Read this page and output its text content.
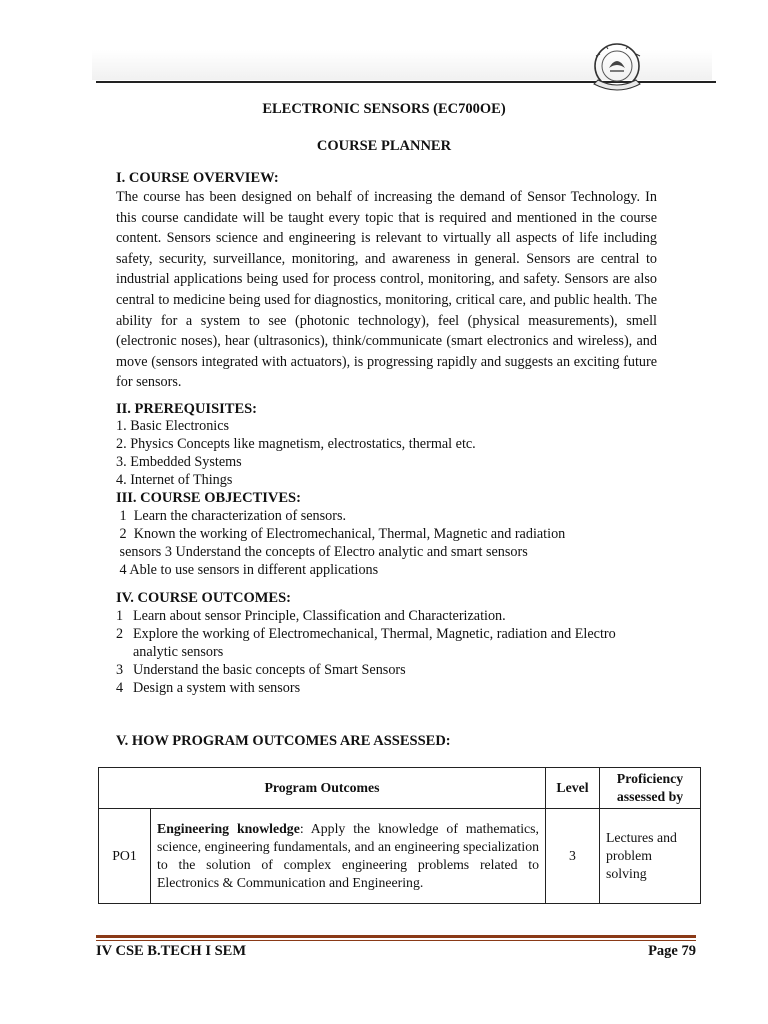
ELECTRONIC SENSORS (EC700OE)
COURSE PLANNER
I. COURSE OVERVIEW:
The course has been designed on behalf of increasing the demand of Sensor Technology. In this course candidate will be taught every topic that is required and mentioned in the course content. Sensors science and engineering is relevant to virtually all aspects of life including safety, security, surveillance, monitoring, and awareness in general. Sensors are central to industrial applications being used for process control, monitoring, and safety. Sensors are also central to medicine being used for diagnostics, monitoring, critical care, and public health. The ability for a system to see (photonic technology), feel (physical measurements), smell (electronic noses), hear (ultrasonics), think/communicate (smart electronics and wireless), and move (sensors integrated with actuators), is progressing rapidly and suggests an exciting future for sensors.
II. PREREQUISITES:
1. Basic Electronics
2. Physics Concepts like magnetism, electrostatics, thermal etc.
3. Embedded Systems
4. Internet of Things
III. COURSE OBJECTIVES:
1  Learn the characterization of sensors.
2  Known the working of Electromechanical, Thermal, Magnetic and radiation
sensors 3 Understand the concepts of Electro analytic and smart sensors
4 Able to use sensors in different applications
IV. COURSE OUTCOMES:
1 Learn about sensor Principle, Classification and Characterization.
2 Explore the working of Electromechanical, Thermal, Magnetic, radiation and Electro
analytic sensors
3 Understand the basic concepts of Smart Sensors
4 Design a system with sensors
V. HOW PROGRAM OUTCOMES ARE ASSESSED:
Program Outcomes		Level	Proficiency assessed by
PO1	Engineering knowledge: Apply the knowledge of mathematics, science, engineering fundamentals, and an engineering specialization to the solution of complex engineering problems related to Electronics & Communication and Engineering.	3	Lectures and problem solving
IV CSE B.TECH I SEM	Page 79
